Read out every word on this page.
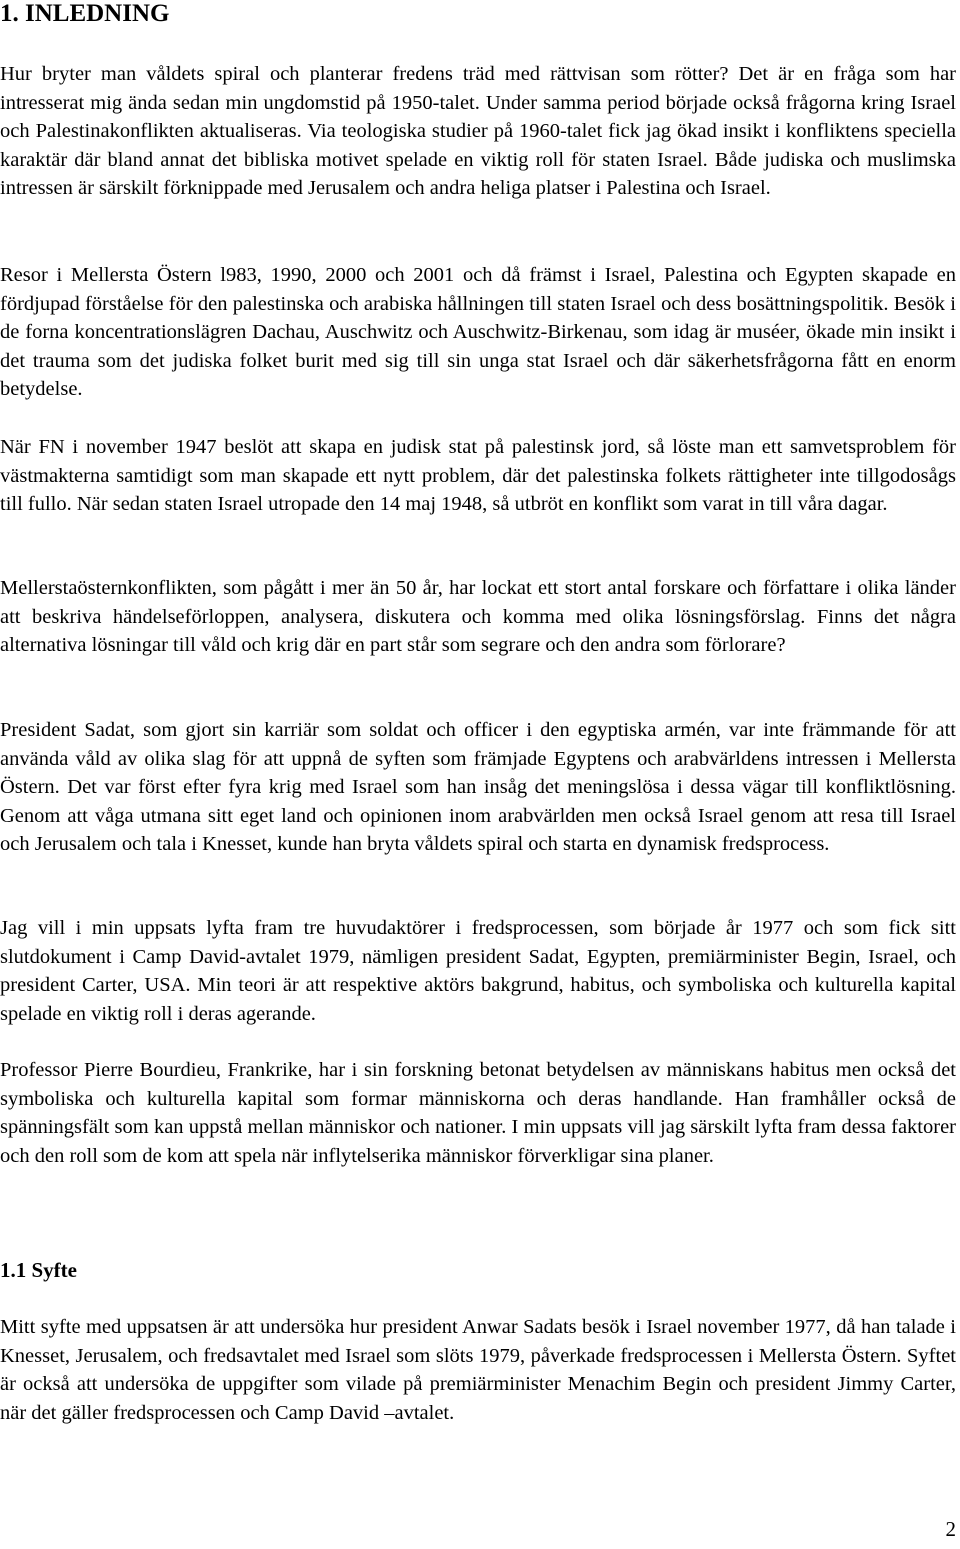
1. INLEDNING

Hur bryter man våldets spiral och planterar fredens träd med rättvisan som rötter? Det är en fråga som har intresserat mig ända sedan min ungdomstid på 1950-talet. Under samma period började också frågorna kring Israel och Palestinakonflikten aktualiseras. Via teologiska studier på 1960-talet fick jag ökad insikt i konfliktens speciella karaktär där bland annat det bibliska motivet spelade en viktig roll för staten Israel. Både judiska och muslimska intressen är särskilt förknippade med Jerusalem och andra heliga platser i Palestina och Israel.

Resor i Mellersta Östern l983, 1990, 2000 och 2001 och då främst i Israel, Palestina och Egypten skapade en fördjupad förståelse för den palestinska och arabiska hållningen till staten Israel och dess bosättningspolitik. Besök i de forna koncentrationslägren Dachau, Auschwitz och Auschwitz-Birkenau, som idag är muséer, ökade min insikt i det trauma som det judiska folket burit med sig till sin unga stat Israel och där säkerhetsfrågorna fått en enorm betydelse.

När FN i november 1947 beslöt att skapa en judisk stat på palestinsk jord, så löste man ett samvetsproblem för västmakterna samtidigt som man skapade ett nytt problem, där det palestinska folkets rättigheter inte tillgodosågs till fullo. När sedan staten Israel utropade den 14 maj 1948, så utbröt en konflikt som varat in till våra dagar.

Mellerstaösternkonflikten, som pågått i mer än 50 år, har lockat ett stort antal forskare och författare i olika länder att beskriva händelseförloppen, analysera, diskutera och komma med olika lösningsförslag. Finns det några alternativa lösningar till våld och krig där en part står som segrare och den andra som förlorare?

President Sadat, som gjort sin karriär som soldat och officer i den egyptiska armén, var inte främmande för att använda våld av olika slag för att uppnå de syften som främjade Egyptens och arabvärldens intressen i Mellersta Östern. Det var först efter fyra krig med Israel som han insåg det meningslösa i dessa vägar till konfliktlösning. Genom att våga utmana sitt eget land och opinionen inom arabvärlden men också Israel genom att resa till Israel och Jerusalem och tala i Knesset, kunde han bryta våldets spiral och starta en dynamisk fredsprocess.

Jag vill i min uppsats lyfta fram tre huvudaktörer i fredsprocessen, som började år 1977 och som fick sitt slutdokument i Camp David-avtalet 1979, nämligen president Sadat, Egypten, premiärminister Begin, Israel, och president Carter, USA. Min teori är att respektive aktörs bakgrund, habitus, och symboliska och kulturella kapital spelade en viktig roll i deras agerande.

Professor Pierre Bourdieu, Frankrike, har i sin forskning betonat betydelsen av människans habitus men också det symboliska och kulturella kapital som formar människorna och deras handlande. Han framhåller också de spänningsfält som kan uppstå mellan människor och nationer. I min uppsats vill jag särskilt lyfta fram dessa faktorer och den roll som de kom att spela när inflytelserika människor förverkligar sina planer.

1.1 Syfte

Mitt syfte med uppsatsen är att undersöka hur president Anwar Sadats besök i Israel november 1977, då han talade i Knesset, Jerusalem, och fredsavtalet med Israel som slöts 1979, påverkade fredsprocessen i Mellersta Östern. Syftet är också att undersöka de uppgifter som vilade på premiärminister Menachim Begin och president Jimmy Carter, när det gäller fredsprocessen och Camp David –avtalet.

2
